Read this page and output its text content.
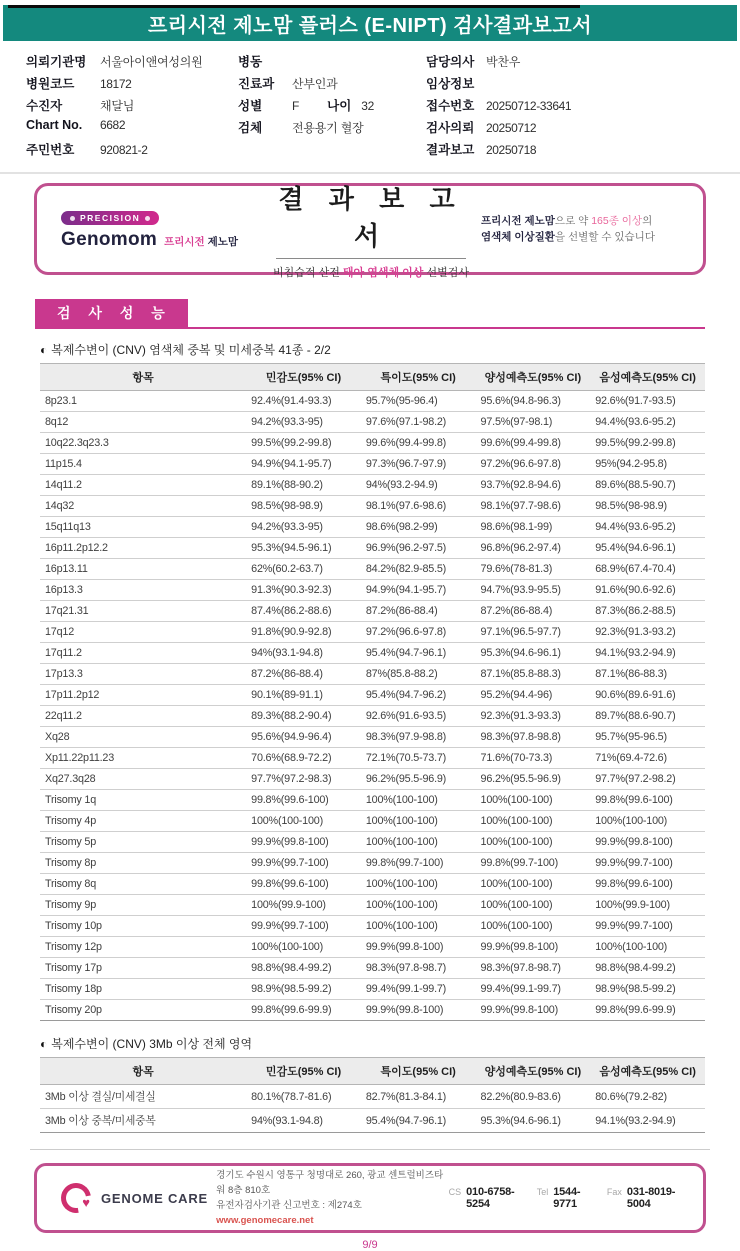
프리시전 제노맘 플러스 (E-NIPT) 검사결과보고서
의뢰기관명	서울아이앤여성의원
병원코드	18172
수진자	채달님
Chart No.	6682
주민번호	920821-2
병동
진료과	산부인과
성별	F 나이 32
검체	전용용기 혈장
담당의사 박찬우
임상정보
접수번호 20250712-33641
검사의뢰 20250712
결과보고 20250718
PRECISION
Genomom 프리시전 제노맘
결 과 보 고 서
비침습적 산전 태아 염색체 이상 선별검사
프리시전 제노맘으로 약 165종 이상의
염색체 이상질환을 선별할 수 있습니다
검 사 성 능
◐ 복제수변이 (CNV) 염색체 중복 및 미세중복 41종 - 2/2
항목	민감도(95% CI)	특이도(95% CI)	양성예측도(95% CI)	음성예측도(95% CI)
8p23.1	92.4%(91.4-93.3)	95.7%(95-96.4)	95.6%(94.8-96.3)	92.6%(91.7-93.5)
8q12	94.2%(93.3-95)	97.6%(97.1-98.2)	97.5%(97-98.1)	94.4%(93.6-95.2)
10q22.3q23.3	99.5%(99.2-99.8)	99.6%(99.4-99.8)	99.6%(99.4-99.8)	99.5%(99.2-99.8)
11p15.4	94.9%(94.1-95.7)	97.3%(96.7-97.9)	97.2%(96.6-97.8)	95%(94.2-95.8)
14q11.2	89.1%(88-90.2)	94%(93.2-94.9)	93.7%(92.8-94.6)	89.6%(88.5-90.7)
14q32	98.5%(98-98.9)	98.1%(97.6-98.6)	98.1%(97.7-98.6)	98.5%(98-98.9)
15q11q13	94.2%(93.3-95)	98.6%(98.2-99)	98.6%(98.1-99)	94.4%(93.6-95.2)
16p11.2p12.2	95.3%(94.5-96.1)	96.9%(96.2-97.5)	96.8%(96.2-97.4)	95.4%(94.6-96.1)
16p13.11	62%(60.2-63.7)	84.2%(82.9-85.5)	79.6%(78-81.3)	68.9%(67.4-70.4)
16p13.3	91.3%(90.3-92.3)	94.9%(94.1-95.7)	94.7%(93.9-95.5)	91.6%(90.6-92.6)
17q21.31	87.4%(86.2-88.6)	87.2%(86-88.4)	87.2%(86-88.4)	87.3%(86.2-88.5)
17q12	91.8%(90.9-92.8)	97.2%(96.6-97.8)	97.1%(96.5-97.7)	92.3%(91.3-93.2)
17q11.2	94%(93.1-94.8)	95.4%(94.7-96.1)	95.3%(94.6-96.1)	94.1%(93.2-94.9)
17p13.3	87.2%(86-88.4)	87%(85.8-88.2)	87.1%(85.8-88.3)	87.1%(86-88.3)
17p11.2p12	90.1%(89-91.1)	95.4%(94.7-96.2)	95.2%(94.4-96)	90.6%(89.6-91.6)
22q11.2	89.3%(88.2-90.4)	92.6%(91.6-93.5)	92.3%(91.3-93.3)	89.7%(88.6-90.7)
Xq28	95.6%(94.9-96.4)	98.3%(97.9-98.8)	98.3%(97.8-98.8)	95.7%(95-96.5)
Xp11.22p11.23	70.6%(68.9-72.2)	72.1%(70.5-73.7)	71.6%(70-73.3)	71%(69.4-72.6)
Xq27.3q28	97.7%(97.2-98.3)	96.2%(95.5-96.9)	96.2%(95.5-96.9)	97.7%(97.2-98.2)
Trisomy 1q	99.8%(99.6-100)	100%(100-100)	100%(100-100)	99.8%(99.6-100)
Trisomy 4p	100%(100-100)	100%(100-100)	100%(100-100)	100%(100-100)
Trisomy 5p	99.9%(99.8-100)	100%(100-100)	100%(100-100)	99.9%(99.8-100)
Trisomy 8p	99.9%(99.7-100)	99.8%(99.7-100)	99.8%(99.7-100)	99.9%(99.7-100)
Trisomy 8q	99.8%(99.6-100)	100%(100-100)	100%(100-100)	99.8%(99.6-100)
Trisomy 9p	100%(99.9-100)	100%(100-100)	100%(100-100)	100%(99.9-100)
Trisomy 10p	99.9%(99.7-100)	100%(100-100)	100%(100-100)	99.9%(99.7-100)
Trisomy 12p	100%(100-100)	99.9%(99.8-100)	99.9%(99.8-100)	100%(100-100)
Trisomy 17p	98.8%(98.4-99.2)	98.3%(97.8-98.7)	98.3%(97.8-98.7)	98.8%(98.4-99.2)
Trisomy 18p	98.9%(98.5-99.2)	99.4%(99.1-99.7)	99.4%(99.1-99.7)	98.9%(98.5-99.2)
Trisomy 20p	99.8%(99.6-99.9)	99.9%(99.8-100)	99.9%(99.8-100)	99.8%(99.6-99.9)
◐ 복제수변이 (CNV) 3Mb 이상 전체 영역
항목	민감도(95% CI)	특이도(95% CI)	양성예측도(95% CI)	음성예측도(95% CI)
3Mb 이상 결실/미세결실	80.1%(78.7-81.6)	82.7%(81.3-84.1)	82.2%(80.9-83.6)	80.6%(79.2-82)
3Mb 이상 중복/미세중복	94%(93.1-94.8)	95.4%(94.7-96.1)	95.3%(94.6-96.1)	94.1%(93.2-94.9)
♥ GENOME CARE
경기도 수원시 영통구 청명대로 260, 광교 센트럴비즈타워 8층 810호
유전자검사기관 신고번호 : 제274호
www.genomecare.net
CS 010-6758-5254
Tel 1544-9771
Fax 031-8019-5004
9/9
